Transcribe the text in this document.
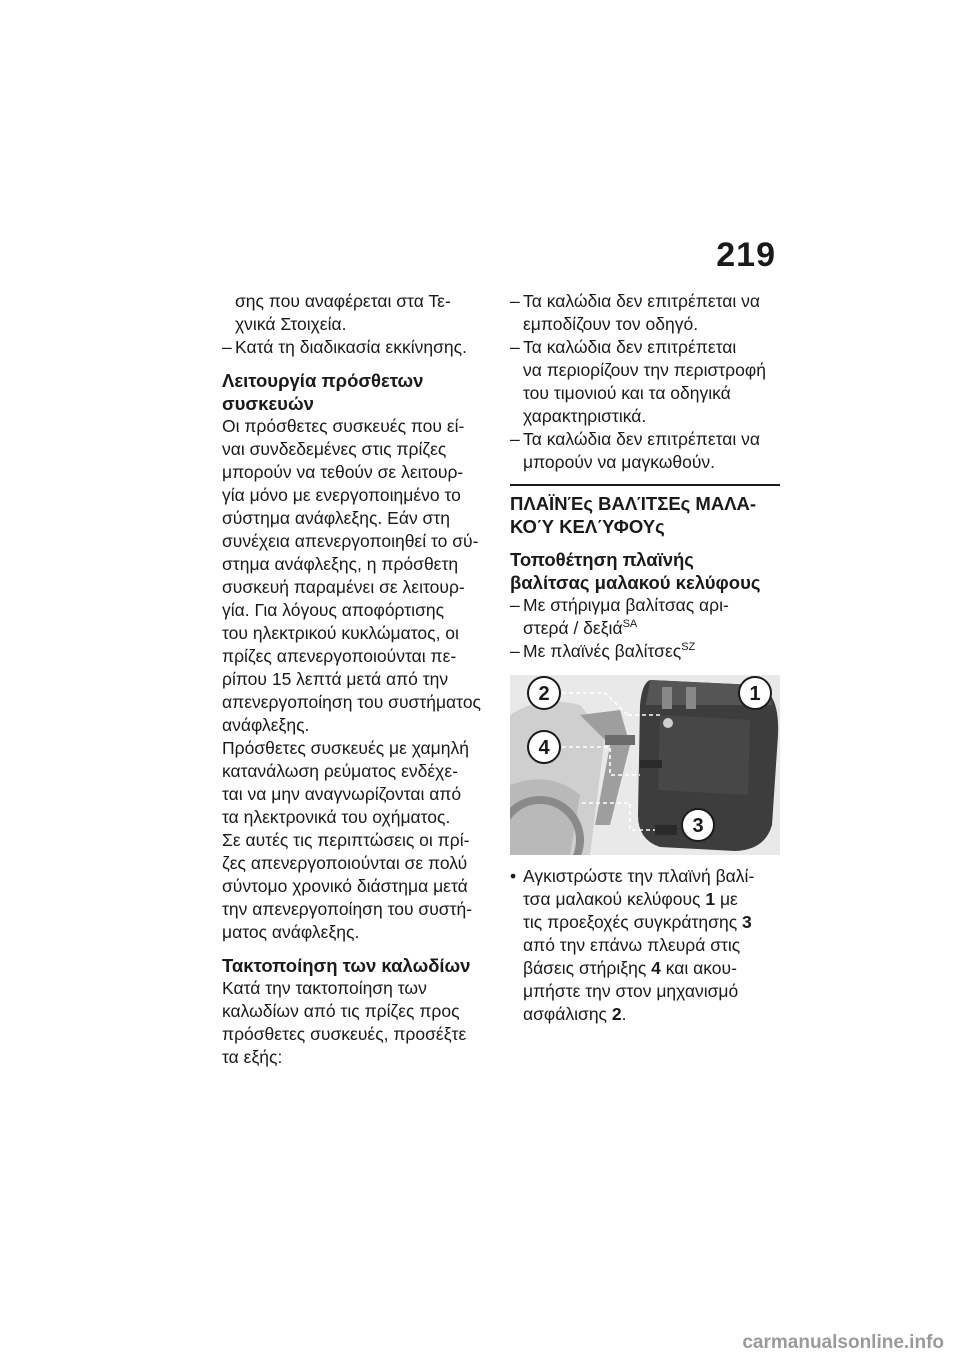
219

σης που αναφέρεται στα Τε-
χνικά Στοιχεία.

– Κατά τη διαδικασία εκκίνησης.

Λειτουργία πρόσθετων
συσκευών

Οι πρόσθετες συσκευές που εί-
ναι συνδεδεμένες στις πρίζες
μπορούν να τεθούν σε λειτουρ-
γία μόνο με ενεργοποιημένο το
σύστημα ανάφλεξης. Εάν στη
συνέχεια απενεργοποιηθεί το σύ-
στημα ανάφλεξης, η πρόσθετη
συσκευή παραμένει σε λειτουρ-
γία. Για λόγους αποφόρτισης
του ηλεκτρικού κυκλώματος, οι
πρίζες απενεργοποιούνται πε-
ρίπου 15 λεπτά μετά από την
απενεργοποίηση του συστήματος
ανάφλεξης.

Πρόσθετες συσκευές με χαμηλή
κατανάλωση ρεύματος ενδέχε-
ται να μην αναγνωρίζονται από
τα ηλεκτρονικά του οχήματος.
Σε αυτές τις περιπτώσεις οι πρί-
ζες απενεργοποιούνται σε πολύ
σύντομο χρονικό διάστημα μετά
την απενεργοποίηση του συστή-
ματος ανάφλεξης.

Τακτοποίηση των καλωδίων

Κατά την τακτοποίηση των
καλωδίων από τις πρίζες προς
πρόσθετες συσκευές, προσέξτε
τα εξής:

– Τα καλώδια δεν επιτρέπεται να
εμποδίζουν τον οδηγό.

– Τα καλώδια δεν επιτρέπεται
να περιορίζουν την περιστροφή
του τιμονιού και τα οδηγικά
χαρακτηριστικά.

– Τα καλώδια δεν επιτρέπεται να
μπορούν να μαγκωθούν.

ΠΛΑΪΝΈς ΒΑΛΊΤΣΕς ΜΑΛΑ-
ΚΟΎ ΚΕΛΎΦΟΥς
Τοποθέτηση πλαϊνής
βαλίτσας μαλακού κελύφους

– Με στήριγμα βαλίτσας αρι-
στερά / δεξιά$^{SA}$

– Με πλαϊνές βαλίτσες$^{SZ}$

2	1
4
3

• Αγκιστρώστε την πλαϊνή βαλί-
τσα μαλακού κελύφους 1 με
τις προεξοχές συγκράτησης 3
από την επάνω πλευρά στις
βάσεις στήριξης 4 και ακου-
μπήστε την στον μηχανισμό
ασφάλισης 2.

carmanualsonline.info
